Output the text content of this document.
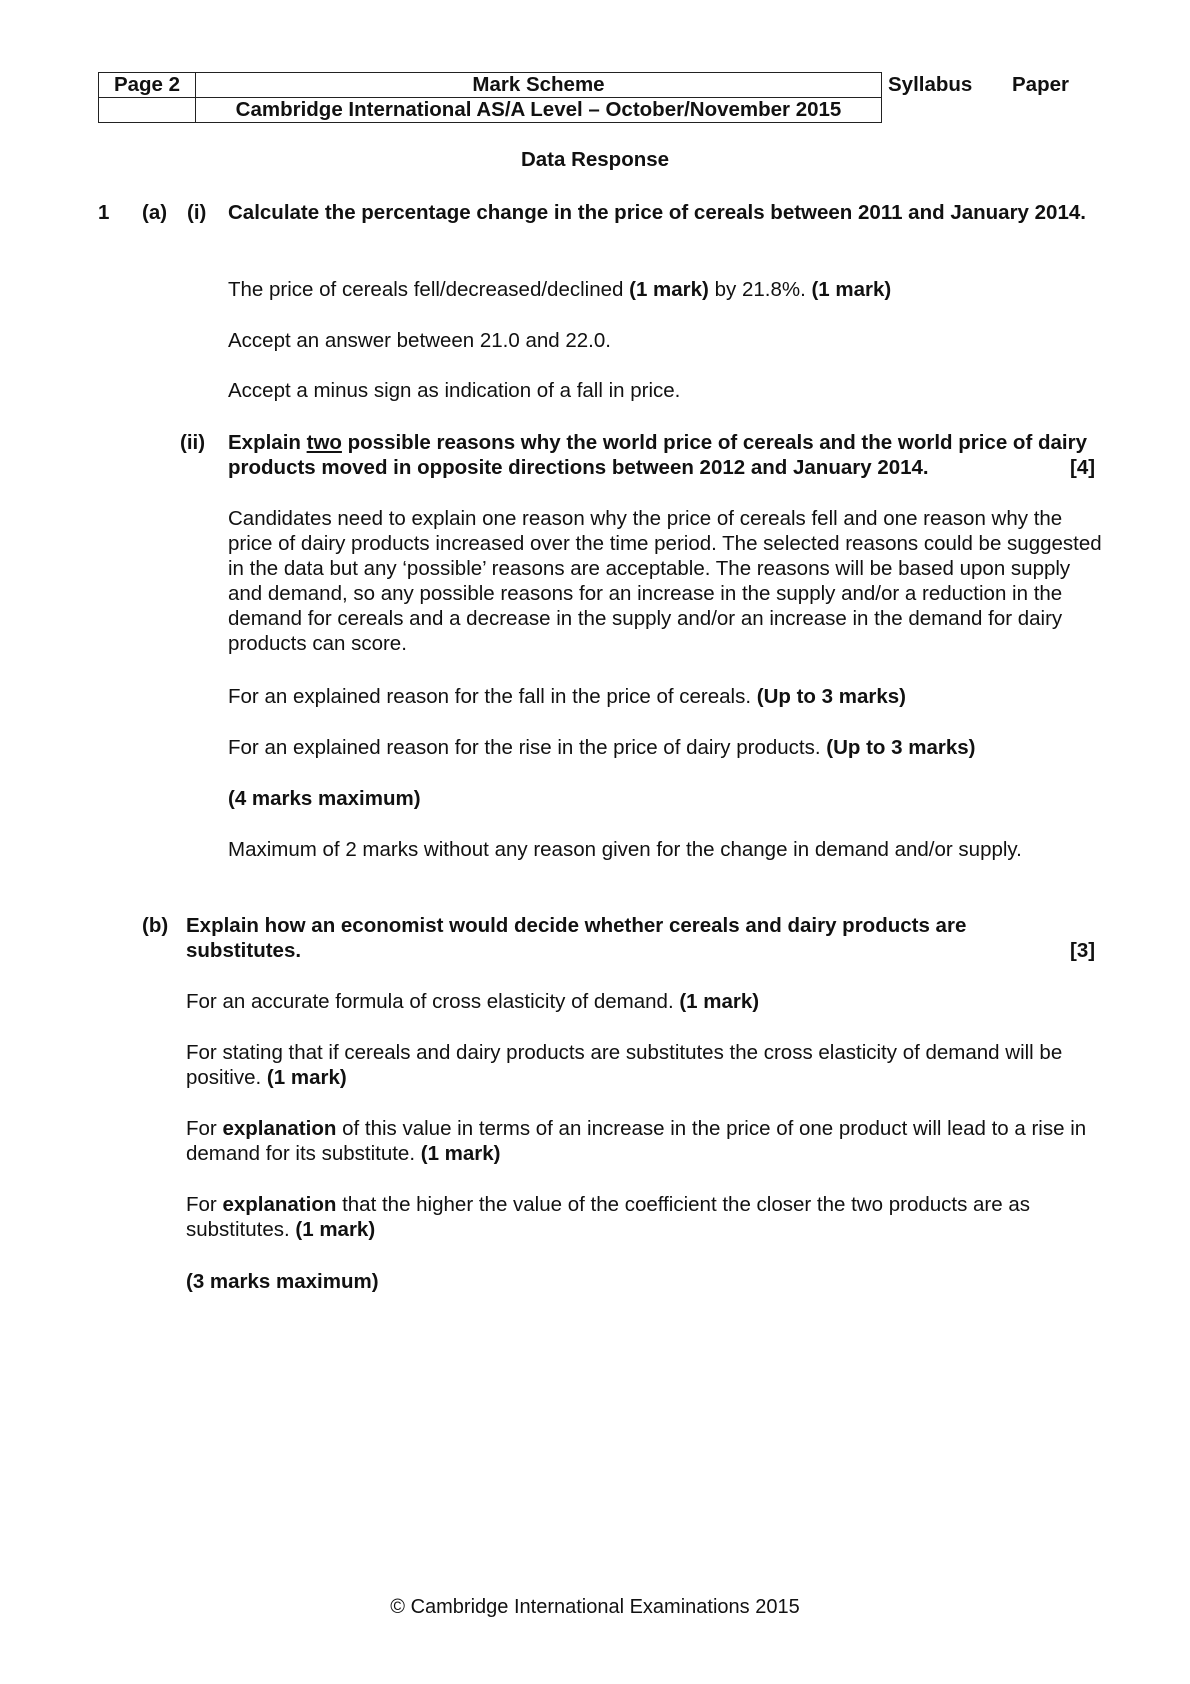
Page 2	Mark Scheme
	Cambridge International AS/A Level – October/November 2015
Syllabus Paper
Data Response
1 (a) (i) Calculate the percentage change in the price of cereals between 2011 and January 2014.
The price of cereals fell/decreased/declined (1 mark) by 21.8%. (1 mark)
Accept an answer between 21.0 and 22.0.
Accept a minus sign as indication of a fall in price.
(ii) Explain two possible reasons why the world price of cereals and the world price of dairy products moved in opposite directions between 2012 and January 2014.	[4]
Candidates need to explain one reason why the price of cereals fell and one reason why the price of dairy products increased over the time period. The selected reasons could be suggested in the data but any ‘possible’ reasons are acceptable. The reasons will be based upon supply and demand, so any possible reasons for an increase in the supply and/or a reduction in the demand for cereals and a decrease in the supply and/or an increase in the demand for dairy products can score.
For an explained reason for the fall in the price of cereals. (Up to 3 marks)
For an explained reason for the rise in the price of dairy products. (Up to 3 marks)
(4 marks maximum)
Maximum of 2 marks without any reason given for the change in demand and/or supply.
(b) Explain how an economist would decide whether cereals and dairy products are substitutes.	[3]
For an accurate formula of cross elasticity of demand. (1 mark)
For stating that if cereals and dairy products are substitutes the cross elasticity of demand will be positive. (1 mark)
For explanation of this value in terms of an increase in the price of one product will lead to a rise in demand for its substitute. (1 mark)
For explanation that the higher the value of the coefficient the closer the two products are as substitutes. (1 mark)
(3 marks maximum)
© Cambridge International Examinations 2015
